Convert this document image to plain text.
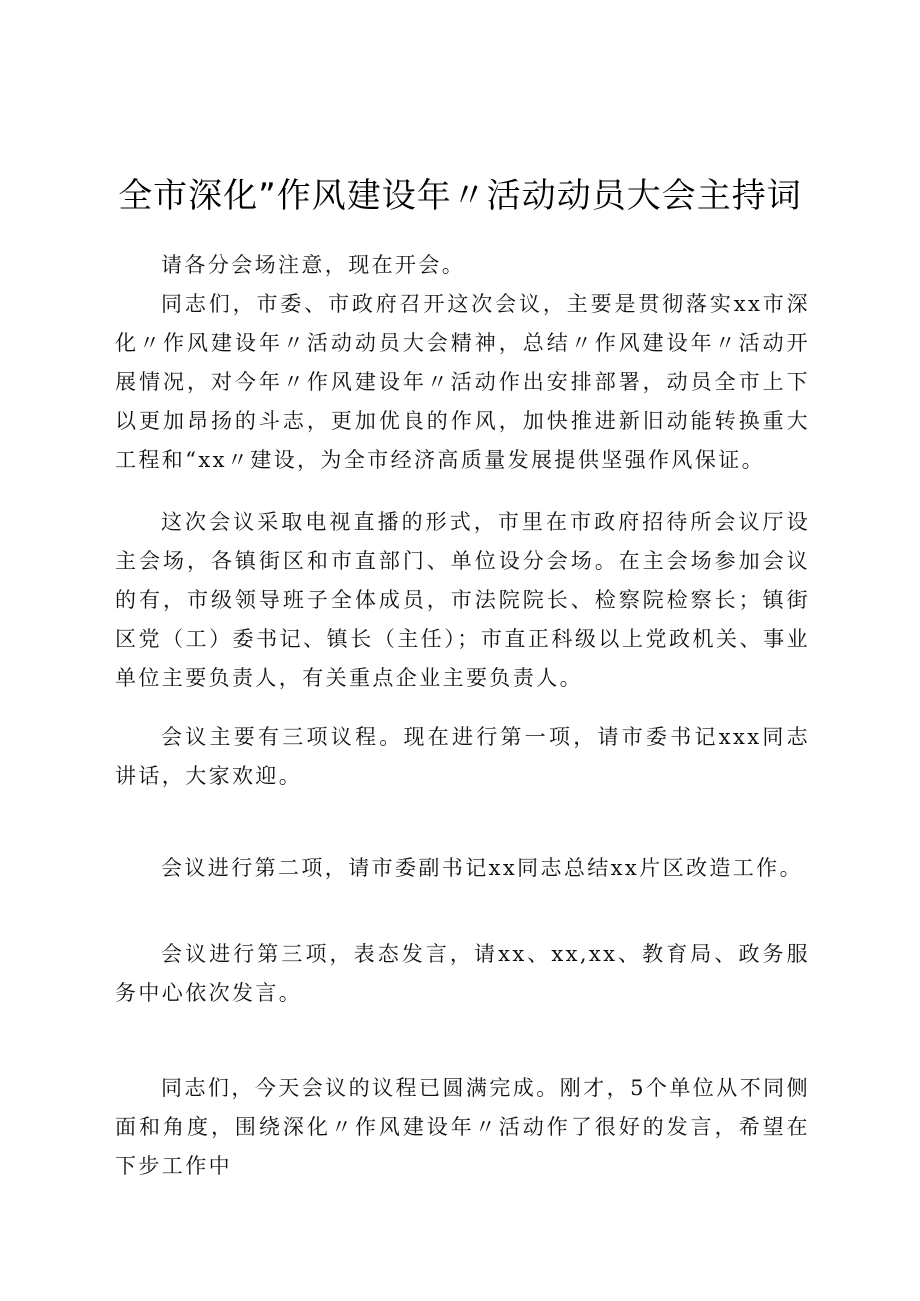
全市深化”作风建设年〃活动动员大会主持词

请各分会场注意，现在开会。

同志们，市委、市政府召开这次会议，主要是贯彻落实xx市深化〃作风建设年〃活动动员大会精神，总结〃作风建设年〃活动开展情况，对今年〃作风建设年〃活动作出安排部署，动员全市上下以更加昂扬的斗志，更加优良的作风，加快推进新旧动能转换重大工程和“xx〃建设，为全市经济高质量发展提供坚强作风保证。

这次会议采取电视直播的形式，市里在市政府招待所会议厅设主会场，各镇街区和市直部门、单位设分会场。在主会场参加会议的有，市级领导班子全体成员，市法院院长、检察院检察长；镇街区党（工）委书记、镇长（主任）；市直正科级以上党政机关、事业单位主要负责人，有关重点企业主要负责人。

会议主要有三项议程。现在进行第一项，请市委书记xxx同志讲话，大家欢迎。

会议进行第二项，请市委副书记xx同志总结xx片区改造工作。

会议进行第三项，表态发言，请xx、xx,xx、教育局、政务服务中心依次发言。

同志们，今天会议的议程已圆满完成。刚才，5个单位从不同侧面和角度，围绕深化〃作风建设年〃活动作了很好的发言，希望在下步工作中
